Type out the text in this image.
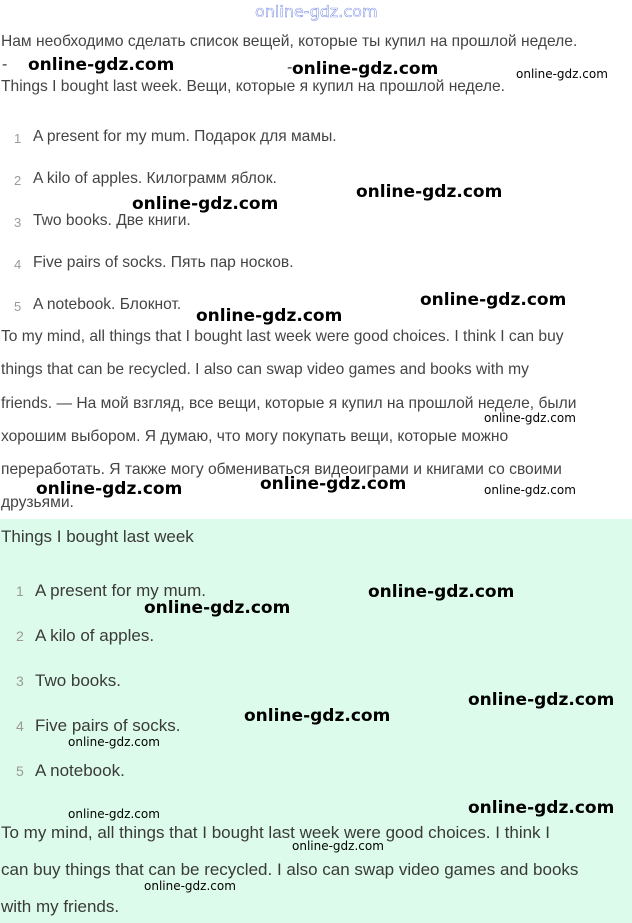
online-gdz.com
Нам необходимо сделать список вещей, которые ты купил на прошлой неделе.
‐	‐
Things I bought last week. Вещи, которые я купил на прошлой неделе.
1 A present for my mum. Подарок для мамы.
2 A kilo of apples. Килограмм яблок.
3 Two books. Две книги.
4 Five pairs of socks. Пять пар носков.
5 A notebook. Блокнот.
To my mind, all things that I bought last week were good choices. I think I can buy
things that can be recycled. I also can swap video games and books with my
friends. — На мой взгляд, все вещи, которые я купил на прошлой неделе, были
хорошим выбором. Я думаю, что могу покупать вещи, которые можно
переработать. Я также могу обмениваться видеоиграми и книгами со своими
друзьями.
Things I bought last week
1 A present for my mum.
2 A kilo of apples.
3 Two books.
4 Five pairs of socks.
5 A notebook.
To my mind, all things that I bought last week were good choices. I think I
can buy things that can be recycled. I also can swap video games and books
with my friends.
online-gdz.com	online-gdz.com	online-gdz.com
online-gdz.com
online-gdz.com
online-gdz.com
online-gdz.com
online-gdz.com
online-gdz.com
online-gdz.com	online-gdz.com
online-gdz.com
online-gdz.com
online-gdz.com
online-gdz.com
online-gdz.com
online-gdz.com
online-gdz.com
online-gdz.com
online-gdz.com
